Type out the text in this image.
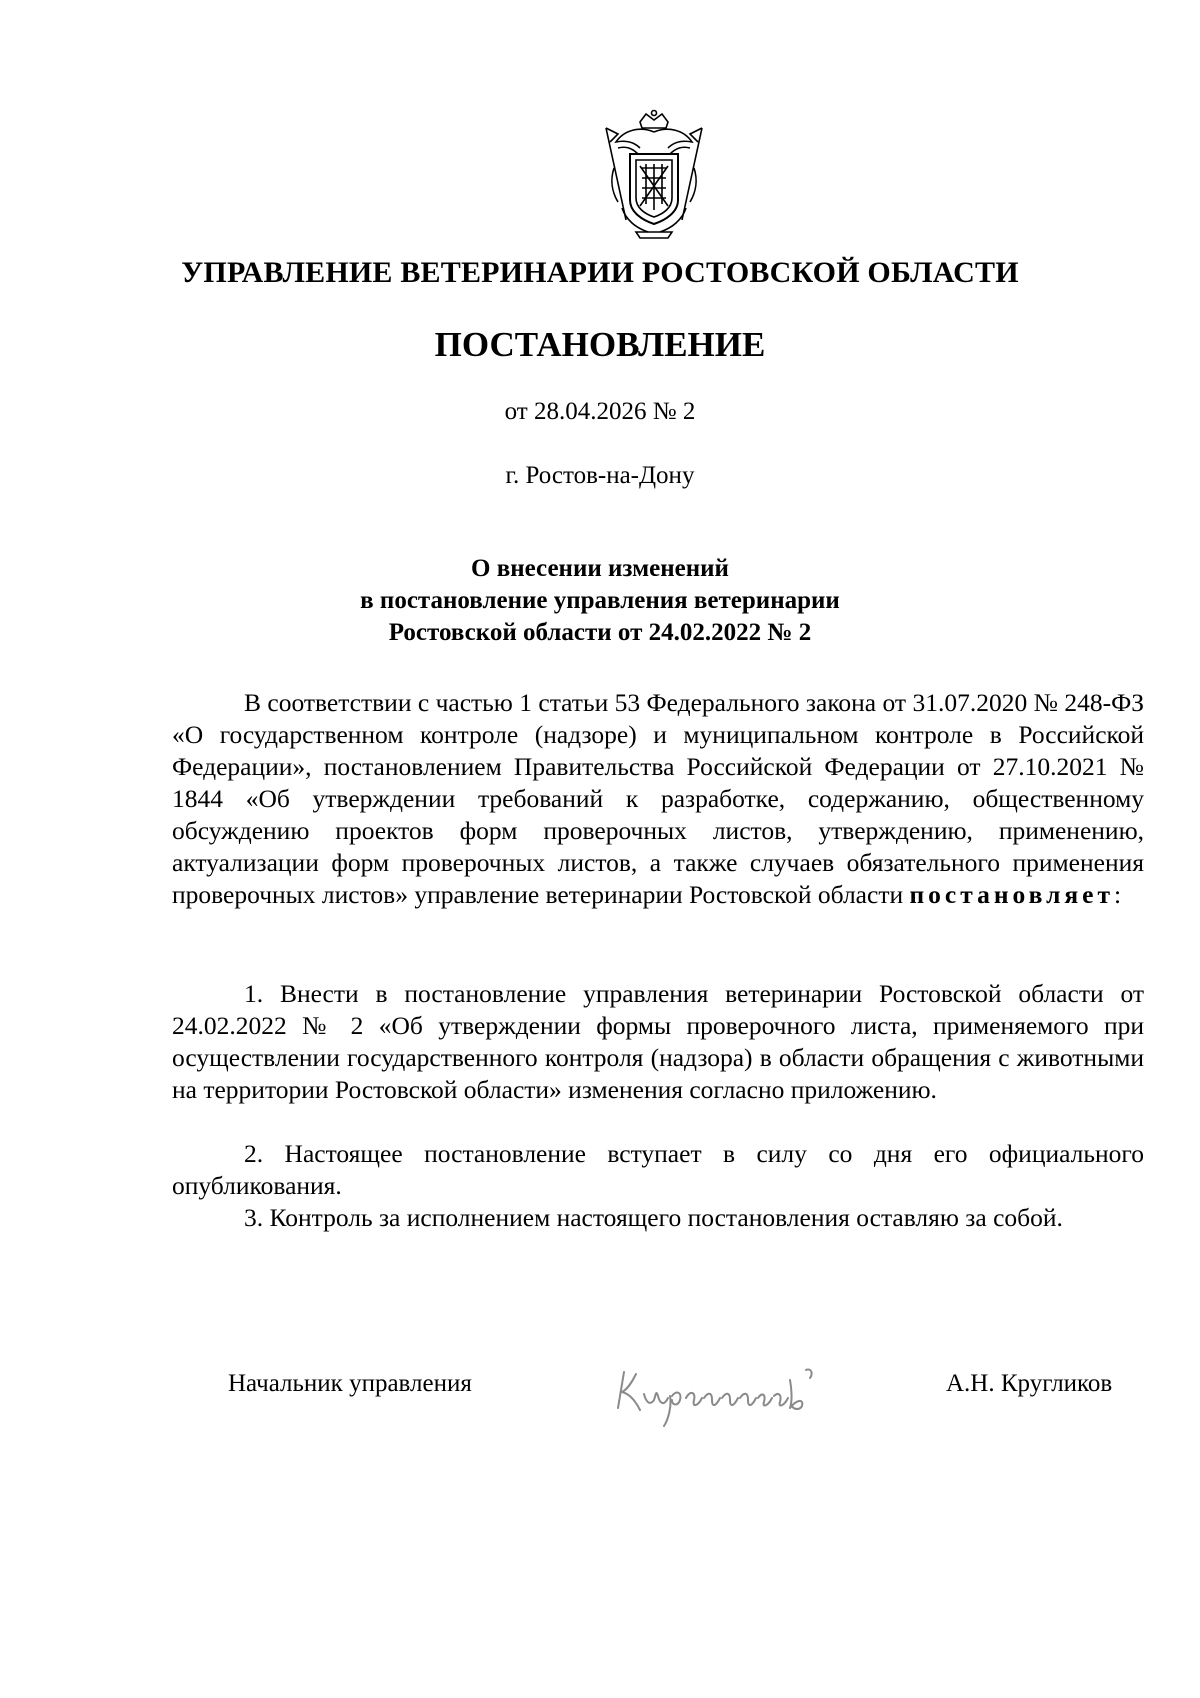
УПРАВЛЕНИЕ ВЕТЕРИНАРИИ РОСТОВСКОЙ ОБЛАСТИ
ПОСТАНОВЛЕНИЕ
от 28.04.2026 № 2
г. Ростов-на-Дону
О внесении изменений
в постановление управления ветеринарии
Ростовской области от 24.02.2022 № 2

В соответствии с частью 1 статьи 53 Федерального закона от 31.07.2020 № 248-ФЗ «О государственном контроле (надзоре) и муниципальном контроле в Российской Федерации», постановлением Правительства Российской Федерации от 27.10.2021 № 1844 «Об утверждении требований к разработке, содержанию, общественному обсуждению проектов форм проверочных листов, утверждению, применению, актуализации форм проверочных листов, а также случаев обязательного применения проверочных листов» управление ветеринарии Ростовской области постановляет:

1. Внести в постановление управления ветеринарии Ростовской области от 24.02.2022 № 2 «Об утверждении формы проверочного листа, применяемого при осуществлении государственного контроля (надзора) в области обращения с животными на территории Ростовской области» изменения согласно приложению.

2. Настоящее постановление вступает в силу со дня его официального опубликования.

3. Контроль за исполнением настоящего постановления оставляю за собой.

Начальник управления	А.Н. Кругликов
